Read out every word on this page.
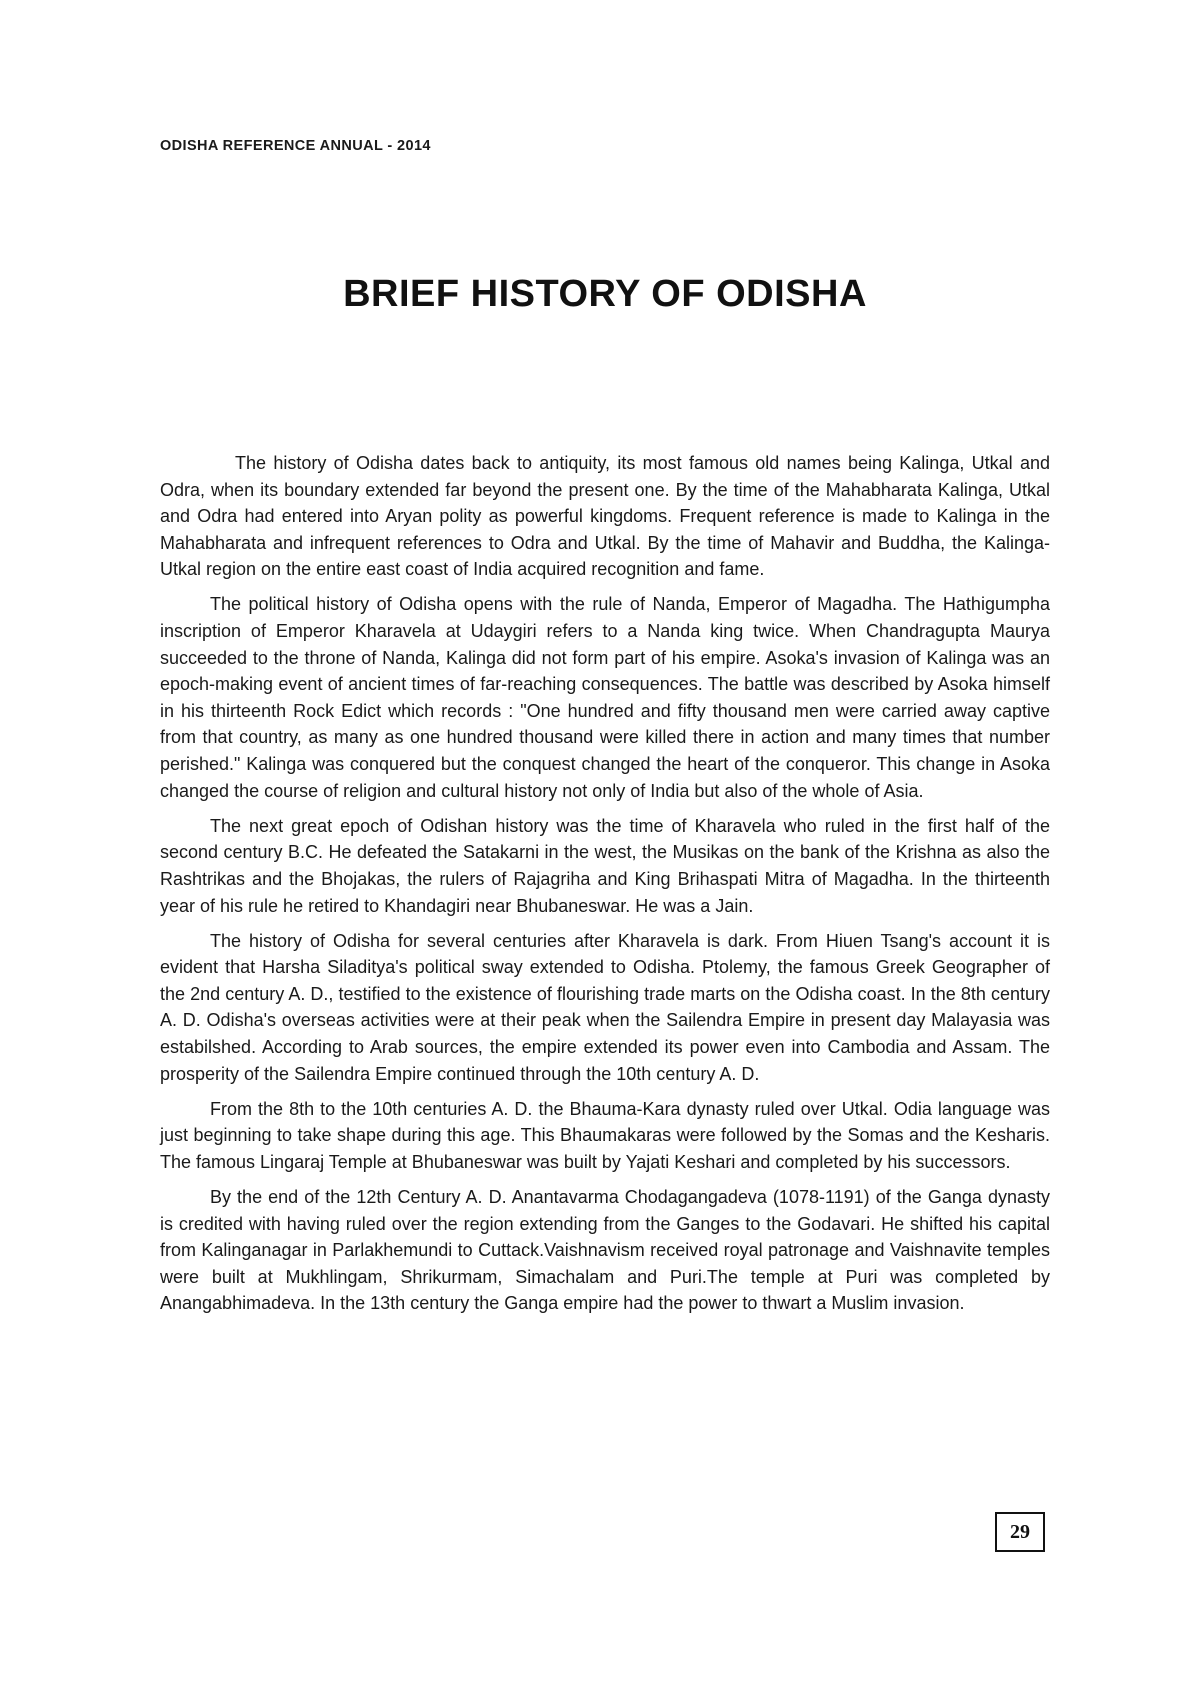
ODISHA REFERENCE ANNUAL - 2014
BRIEF HISTORY OF ODISHA

The history of Odisha dates back to antiquity, its most famous old names being Kalinga, Utkal and Odra, when its boundary extended far beyond the present one. By the time of the Mahabharata Kalinga, Utkal and Odra had entered into Aryan polity as powerful kingdoms. Frequent reference is made to Kalinga in the Mahabharata and infrequent references to Odra and Utkal. By the time of Mahavir and Buddha, the Kalinga-Utkal region on the entire east coast of India acquired recognition and fame.

The political history of Odisha opens with the rule of Nanda, Emperor of Magadha. The Hathigumpha inscription of Emperor Kharavela at Udaygiri refers to a Nanda king twice. When Chandragupta Maurya succeeded to the throne of Nanda, Kalinga did not form part of his empire. Asoka's invasion of Kalinga was an epoch-making event of ancient times of far-reaching consequences. The battle was described by Asoka himself in his thirteenth Rock Edict which records : "One hundred and fifty thousand men were carried away captive from that country, as many as one hundred thousand were killed there in action and many times that number perished." Kalinga was conquered but the conquest changed the heart of the conqueror. This change in Asoka changed the course of religion and cultural history not only of India but also of the whole of Asia.

The next great epoch of Odishan history was the time of Kharavela who ruled in the first half of the second century B.C. He defeated the Satakarni in the west, the Musikas on the bank of the Krishna as also the Rashtrikas and the Bhojakas, the rulers of Rajagriha and King Brihaspati Mitra of Magadha. In the thirteenth year of his rule he retired to Khandagiri near Bhubaneswar. He was a Jain.

The history of Odisha for several centuries after Kharavela is dark. From Hiuen Tsang's account it is evident that Harsha Siladitya's political sway extended to Odisha. Ptolemy, the famous Greek Geographer of the 2nd century A. D., testified to the existence of flourishing trade marts on the Odisha coast. In the 8th century A. D. Odisha's overseas activities were at their peak when the Sailendra Empire in present day Malayasia was estabilshed. According to Arab sources, the empire extended its power even into Cambodia and Assam. The prosperity of the Sailendra Empire continued through the 10th century A. D.

From the 8th to the 10th centuries A. D. the Bhauma-Kara dynasty ruled over Utkal. Odia language was just beginning to take shape during this age. This Bhaumakaras were followed by the Somas and the Kesharis. The famous Lingaraj Temple at Bhubaneswar was built by Yajati Keshari and completed by his successors.

By the end of the 12th Century A. D. Anantavarma Chodagangadeva (1078-1191) of the Ganga dynasty is credited with having ruled over the region extending from the Ganges to the Godavari. He shifted his capital from Kalinganagar in Parlakhemundi to Cuttack.Vaishnavism received royal patronage and Vaishnavite temples were built at Mukhlingam, Shrikurmam, Simachalam and Puri.The temple at Puri was completed by Anangabhimadeva. In the 13th century the Ganga empire had the power to thwart a Muslim invasion.

29
